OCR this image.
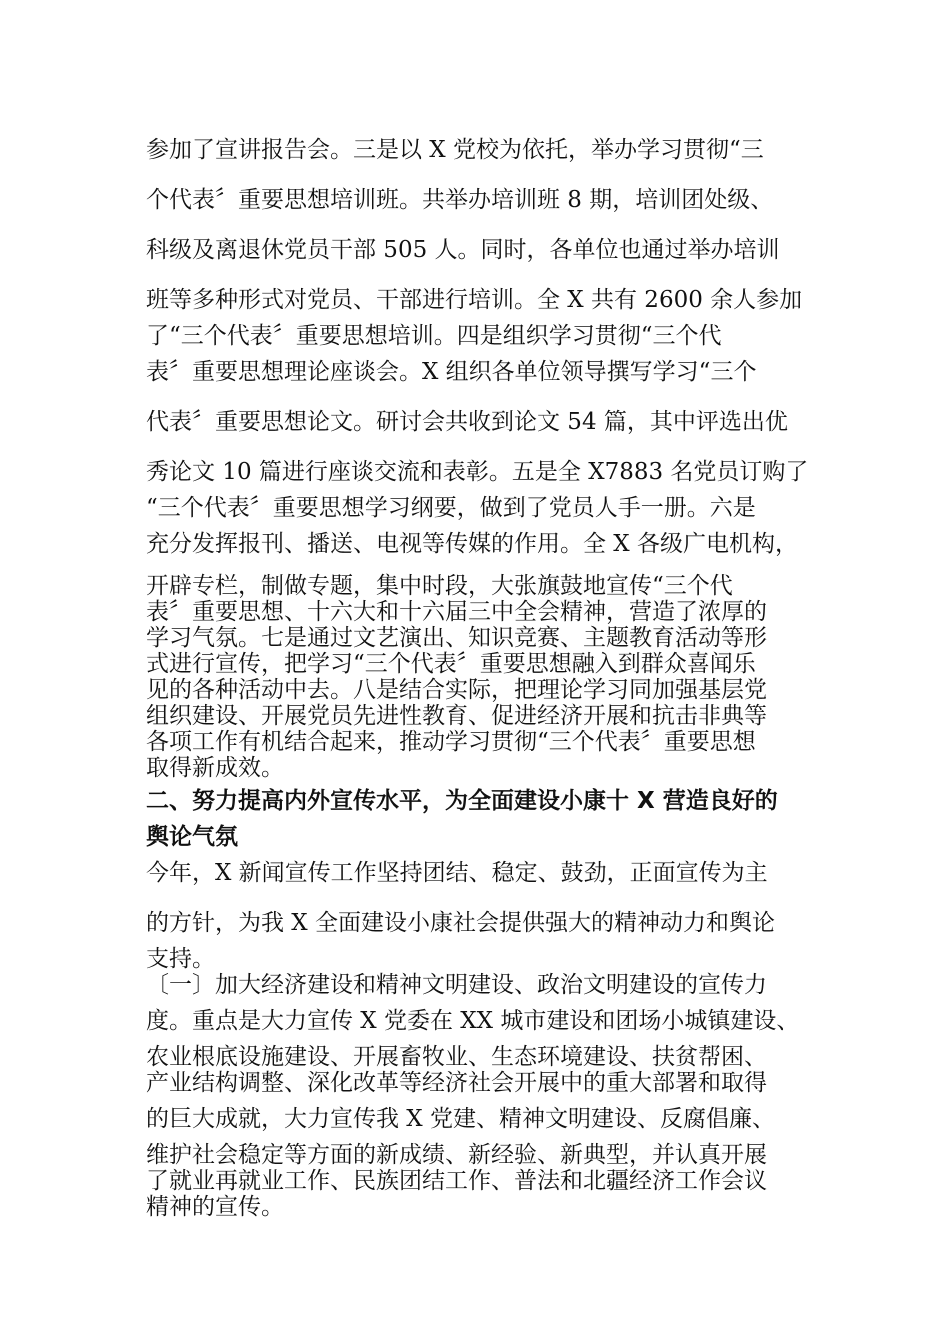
参加了宣讲报告会。三是以 X 党校为依托，举办学习贯彻“三
个代表〞重要思想培训班。共举办培训班 8 期，培训团处级、
科级及离退休党员干部 505 人。同时，各单位也通过举办培训
班等多种形式对党员、干部进行培训。全 X 共有 2600 余人参加
了“三个代表〞重要思想培训。四是组织学习贯彻“三个代
表〞重要思想理论座谈会。X 组织各单位领导撰写学习“三个
代表〞重要思想论文。研讨会共收到论文 54 篇，其中评选出优
秀论文 10 篇进行座谈交流和表彰。五是全 X7883 名党员订购了
“三个代表〞重要思想学习纲要，做到了党员人手一册。六是
充分发挥报刊、播送、电视等传媒的作用。全 X 各级广电机构，
开辟专栏，制做专题，集中时段，大张旗鼓地宣传“三个代
表〞重要思想、十六大和十六届三中全会精神，营造了浓厚的
学习气氛。七是通过文艺演出、知识竞赛、主题教育活动等形
式进行宣传，把学习“三个代表〞重要思想融入到群众喜闻乐
见的各种活动中去。八是结合实际，把理论学习同加强基层党
组织建设、开展党员先进性教育、促进经济开展和抗击非典等
各项工作有机结合起来，推动学习贯彻“三个代表〞重要思想
取得新成效。
二、努力提高内外宣传水平，为全面建设小康十 X 营造良好的
舆论气氛
今年，X 新闻宣传工作坚持团结、稳定、鼓劲，正面宣传为主
的方针，为我 X 全面建设小康社会提供强大的精神动力和舆论
支持。
〔一〕加大经济建设和精神文明建设、政治文明建设的宣传力
度。重点是大力宣传 X 党委在 XX 城市建设和团场小城镇建设、
农业根底设施建设、开展畜牧业、生态环境建设、扶贫帮困、
产业结构调整、深化改革等经济社会开展中的重大部署和取得
的巨大成就，大力宣传我 X 党建、精神文明建设、反腐倡廉、
维护社会稳定等方面的新成绩、新经验、新典型，并认真开展
了就业再就业工作、民族团结工作、普法和北疆经济工作会议
精神的宣传。
